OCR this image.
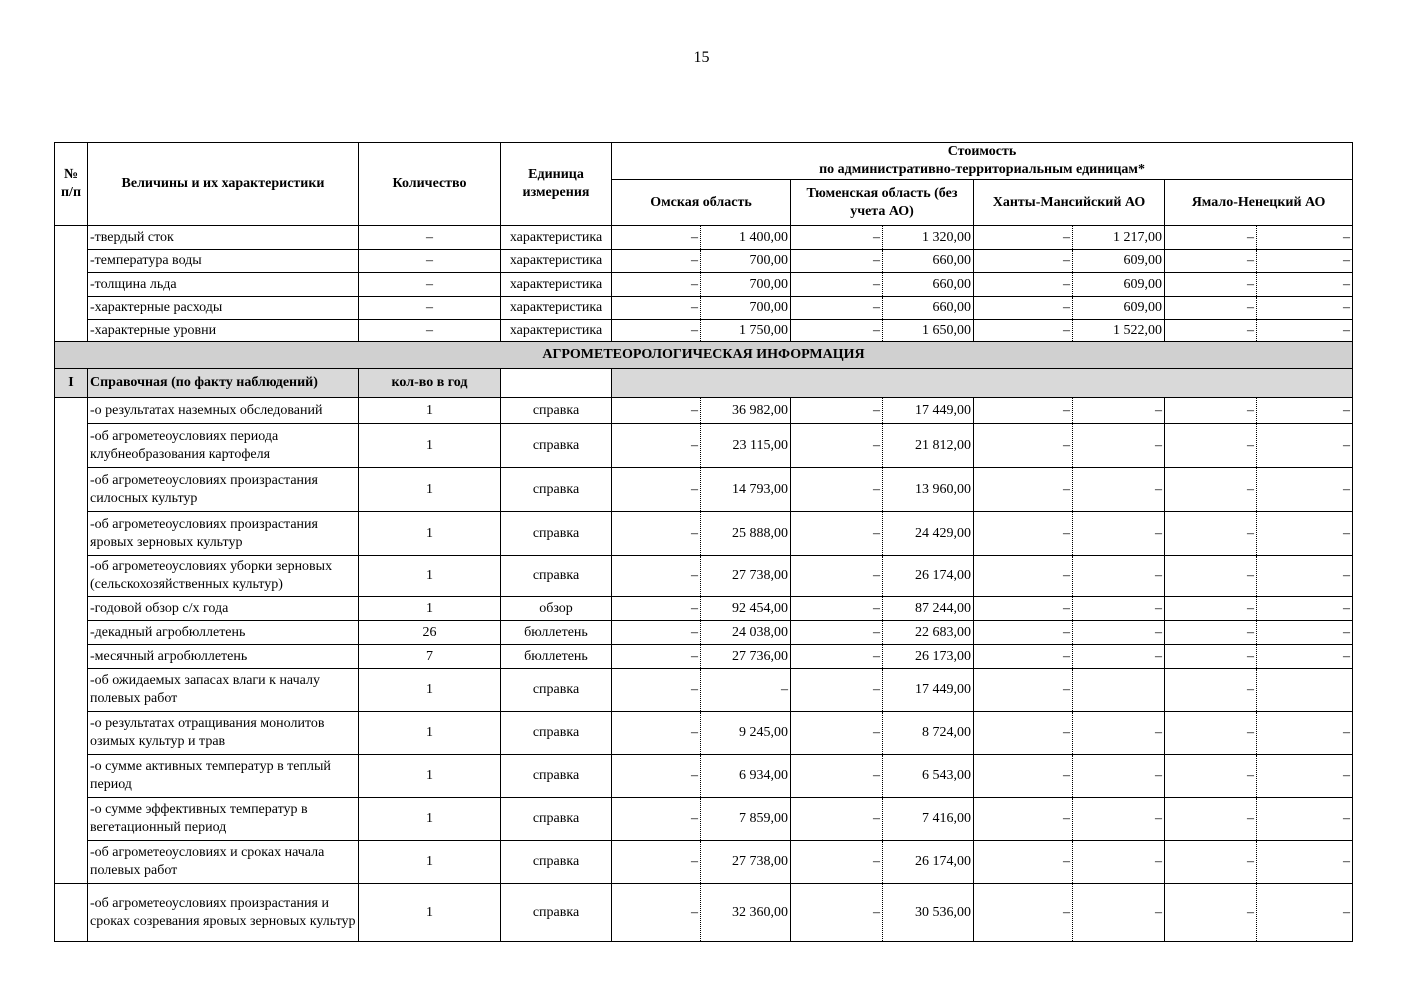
15
№ п/п	Величины и их характеристики	Количество	Единица измерения	Стоимость
по административно-территориальным единицам*							

				Омская область		Тюменская область (без учета АО)		Ханты-Мансийский АО		Ямало-Ненецкий АО	
	-твердый сток	–	характеристика	–	1 400,00	–	1 320,00	–	1 217,00	–	–
	-температура воды	–	характеристика	–	700,00	–	660,00	–	609,00	–	–
	-толщина льда	–	характеристика	–	700,00	–	660,00	–	609,00	–	–
	-характерные расходы	–	характеристика	–	700,00	–	660,00	–	609,00	–	–
	-характерные уровни	–	характеристика	–	1 750,00	–	1 650,00	–	1 522,00	–	–
АГРОМЕТЕОРОЛОГИЧЕСКАЯ ИНФОРМАЦИЯ											
I	Справочная (по факту наблюдений)	кол-во в год									
	-о результатах наземных обследований	1	справка	–	36 982,00	–	17 449,00	–	–	–	–
	-об агрометеоусловиях периода клубнеобразования картофеля	1	справка	–	23 115,00	–	21 812,00	–	–	–	–
	-об агрометеоусловиях произрастания силосных культур	1	справка	–	14 793,00	–	13 960,00	–	–	–	–
	-об агрометеоусловиях произрастания яровых зерновых культур	1	справка	–	25 888,00	–	24 429,00	–	–	–	–
	-об агрометеоусловиях уборки зерновых (сельскохозяйственных культур)	1	справка	–	27 738,00	–	26 174,00	–	–	–	–
	-годовой обзор с/х года	1	обзор	–	92 454,00	–	87 244,00	–	–	–	–
	-декадный агробюллетень	26	бюллетень	–	24 038,00	–	22 683,00	–	–	–	–
	-месячный агробюллетень	7	бюллетень	–	27 736,00	–	26 173,00	–	–	–	–
	-об ожидаемых запасах влаги к началу полевых работ	1	справка	–	–	–	17 449,00	–		–	
	-о результатах отращивания монолитов озимых культур и трав	1	справка	–	9 245,00	–	8 724,00	–	–	–	–
	-о сумме активных температур в теплый период	1	справка	–	6 934,00	–	6 543,00	–	–	–	–
	-о сумме эффективных температур в вегетационный период	1	справка	–	7 859,00	–	7 416,00	–	–	–	–
	-об агрометеоусловиях и сроках начала полевых работ	1	справка	–	27 738,00	–	26 174,00	–	–	–	–
	-об агрометеоусловиях произрастания и сроках созревания яровых зерновых культур	1	справка	–	32 360,00	–	30 536,00	–	–	–	–
